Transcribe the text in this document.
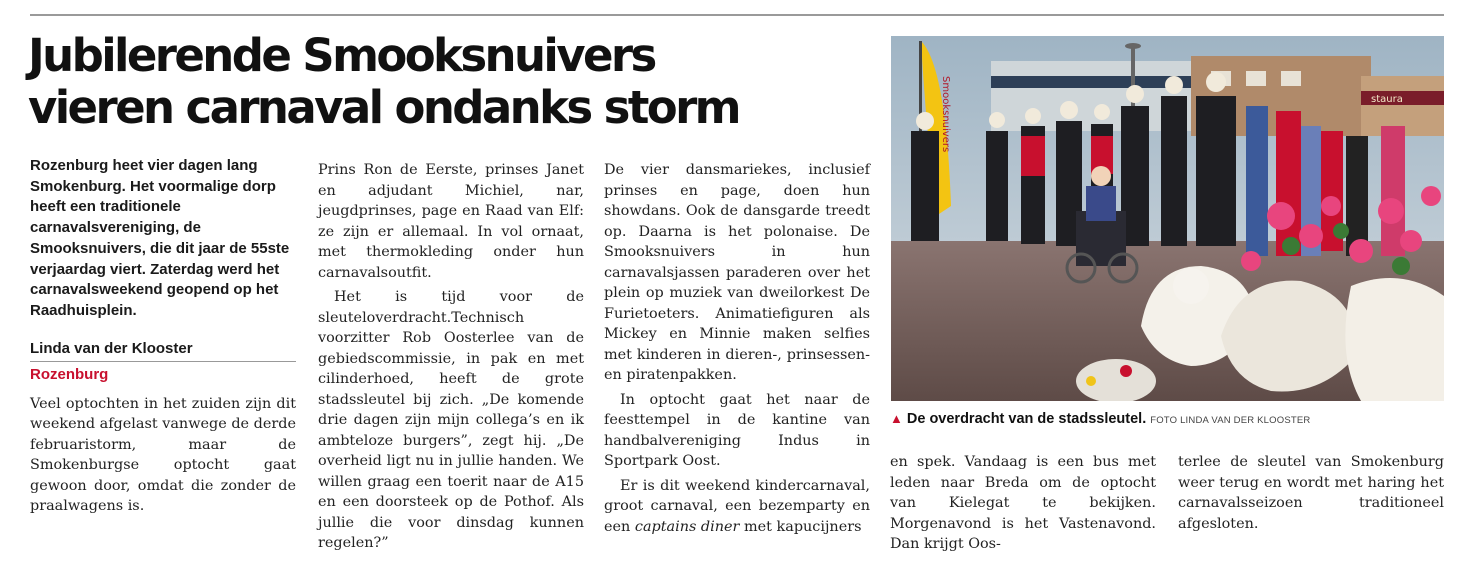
Jubilerende Smooksnuivers
vieren carnaval ondanks storm

Rozenburg heet vier dagen lang Smokenburg. Het voormalige dorp heeft een traditionele carnavalsvereniging, de Smooksnuivers, die dit jaar de 55ste verjaardag viert. Zaterdag werd het carnavalsweekend geopend op het Raadhuisplein.

Linda van der Klooster
Rozenburg

Veel optochten in het zuiden zijn dit weekend afgelast vanwege de derde februaristorm, maar de Smokenburgse optocht gaat gewoon door, omdat die zonder de praalwagens is.

Prins Ron de Eerste, prinses Janet en adjudant Michiel, nar, jeugdprinses, page en Raad van Elf: ze zijn er allemaal. In vol ornaat, met thermokleding onder hun carnavalsoutfit.

Het is tijd voor de sleuteloverdracht.Technisch voorzitter Rob Oosterlee van de gebiedscommissie, in pak en met cilinderhoed, heeft de grote stadssleutel bij zich. „De komende drie dagen zijn mijn collega’s en ik ambteloze burgers”, zegt hij. „De overheid ligt nu in jullie handen. We willen graag een toerit naar de A15 en een doorsteek op de Pothof. Als jullie die voor dinsdag kunnen regelen?”

De vier dansmariekes, inclusief prinses en page, doen hun showdans. Ook de dansgarde treedt op. Daarna is het polonaise. De Smooksnuivers in hun carnavalsjassen paraderen over het plein op muziek van dweilorkest De Furietoeters. Animatiefiguren als Mickey en Minnie maken selfies met kinderen in dieren-, prinsessen- en piratenpakken.

In optocht gaat het naar de feesttempel in de kantine van handbalvereniging Indus in Sportpark Oost.

Er is dit weekend kindercarnaval, groot carnaval, een bezemparty en een captains diner met kapucijners

staura
Smooksnuivers
▲ De overdracht van de stadssleutel. FOTO LINDA VAN DER KLOOSTER

en spek. Vandaag is een bus met leden naar Breda om de optocht van Kielegat te bekijken. Morgenavond is het Vastenavond. Dan krijgt Oos-

terlee de sleutel van Smokenburg weer terug en wordt met haring het carnavalsseizoen traditioneel afgesloten.
